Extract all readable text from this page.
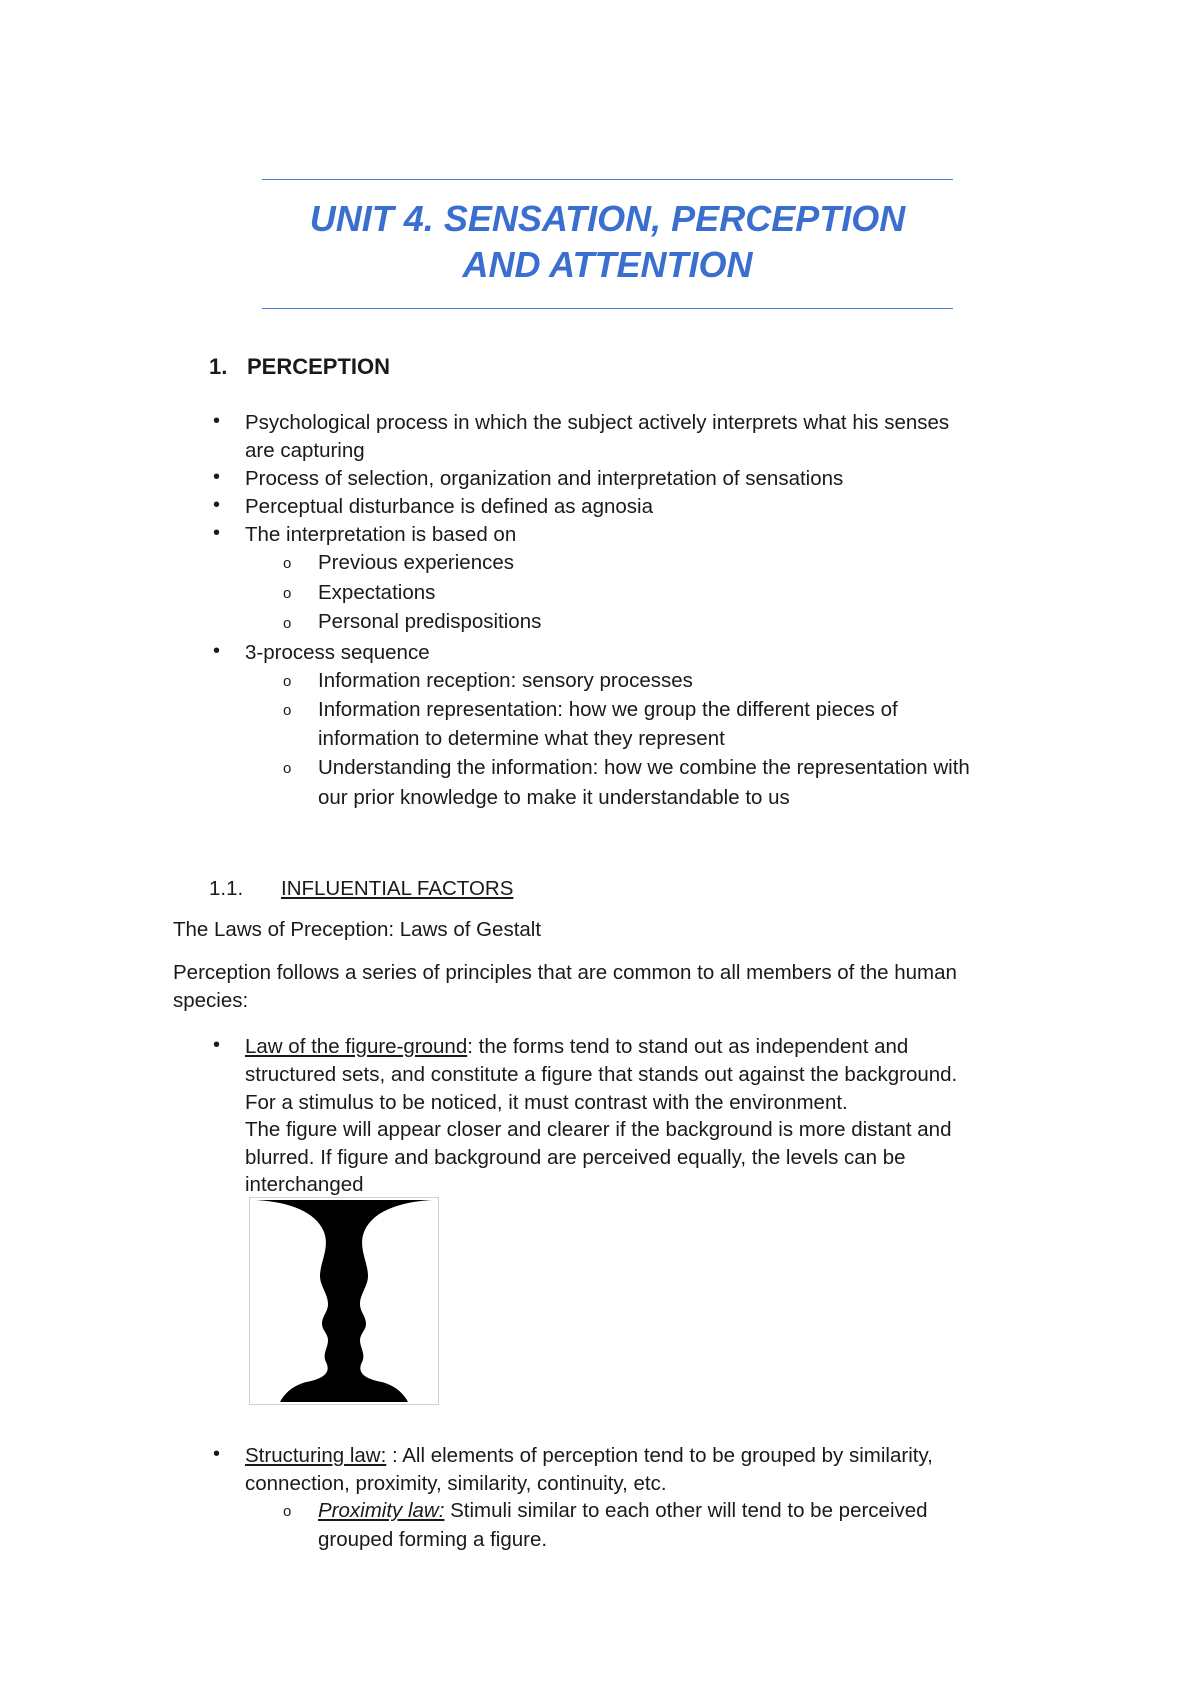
UNIT 4. SENSATION, PERCEPTION
AND ATTENTION
1. PERCEPTION
• Psychological process in which the subject actively interprets what his senses
are capturing
• Process of selection, organization and interpretation of sensations
• Perceptual disturbance is defined as agnosia
• The interpretation is based on
o Previous experiences
o Expectations
o Personal predispositions
• 3-process sequence
o Information reception: sensory processes
o Information representation: how we group the different pieces of
information to determine what they represent
o Understanding the information: how we combine the representation with
our prior knowledge to make it understandable to us
1.1. INFLUENTIAL FACTORS
The Laws of Preception: Laws of Gestalt
Perception follows a series of principles that are common to all members of the human
species:
• Law of the figure-ground: the forms tend to stand out as independent and
structured sets, and constitute a figure that stands out against the background.
For a stimulus to be noticed, it must contrast with the environment.
The figure will appear closer and clearer if the background is more distant and
blurred. If figure and background are perceived equally, the levels can be
interchanged
• Structuring law: : All elements of perception tend to be grouped by similarity,
connection, proximity, similarity, continuity, etc.
o Proximity law: Stimuli similar to each other will tend to be perceived
grouped forming a figure.
